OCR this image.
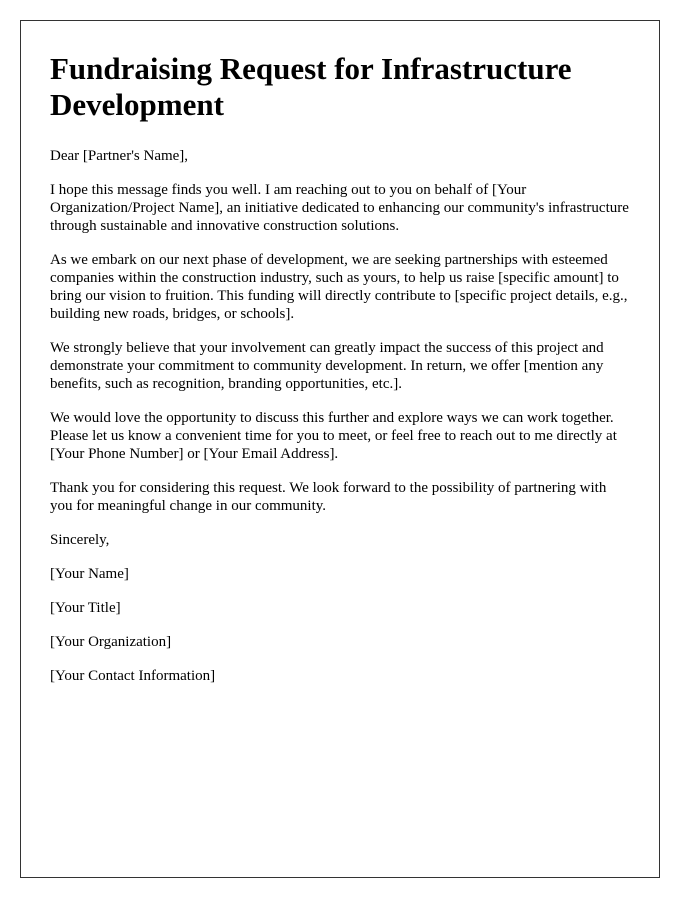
Fundraising Request for Infrastructure Development

Dear [Partner's Name],

I hope this message finds you well. I am reaching out to you on behalf of [Your Organization/Project Name], an initiative dedicated to enhancing our community's infrastructure through sustainable and innovative construction solutions.

As we embark on our next phase of development, we are seeking partnerships with esteemed companies within the construction industry, such as yours, to help us raise [specific amount] to bring our vision to fruition. This funding will directly contribute to [specific project details, e.g., building new roads, bridges, or schools].

We strongly believe that your involvement can greatly impact the success of this project and demonstrate your commitment to community development. In return, we offer [mention any benefits, such as recognition, branding opportunities, etc.].

We would love the opportunity to discuss this further and explore ways we can work together. Please let us know a convenient time for you to meet, or feel free to reach out to me directly at [Your Phone Number] or [Your Email Address].

Thank you for considering this request. We look forward to the possibility of partnering with you for meaningful change in our community.

Sincerely,

[Your Name]

[Your Title]

[Your Organization]

[Your Contact Information]
